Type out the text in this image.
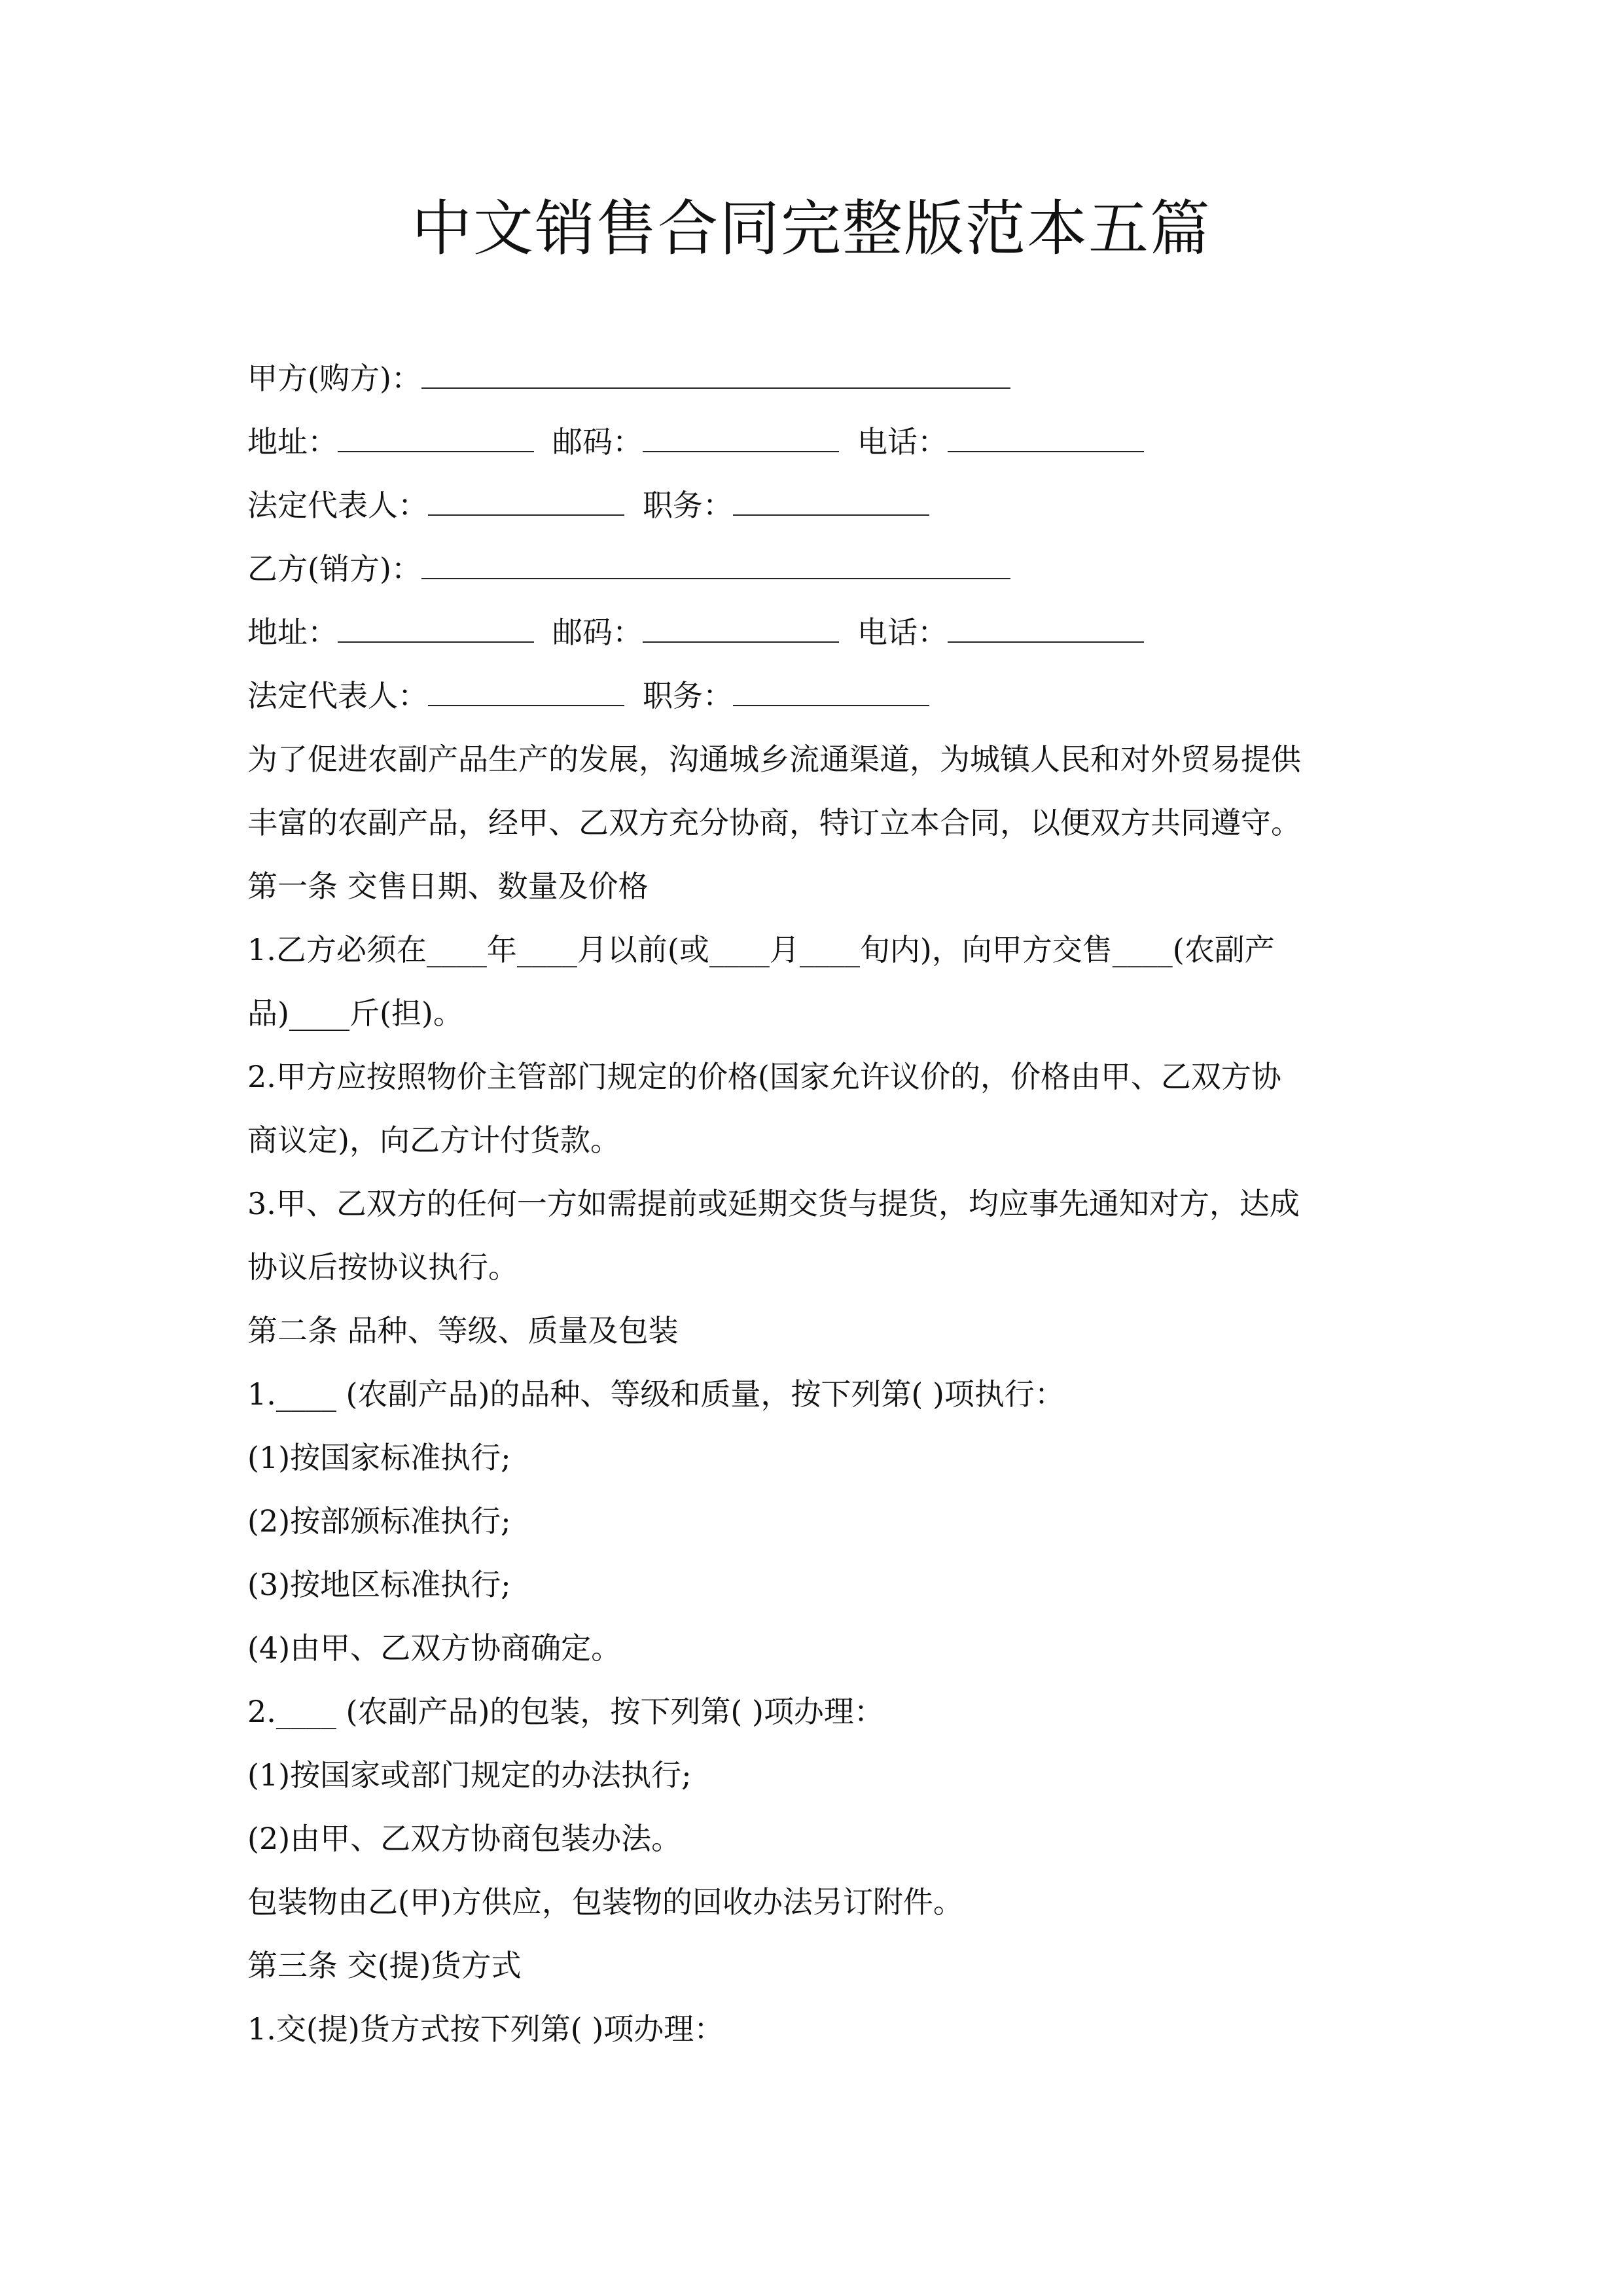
中文销售合同完整版范本五篇
甲方(购方)：
地址：	邮码：	电话：
法定代表人：	职务：
乙方(销方)：
地址：	邮码：	电话：
法定代表人：	职务：
为了促进农副产品生产的发展，沟通城乡流通渠道，为城镇人民和对外贸易提供
丰富的农副产品，经甲、乙双方充分协商，特订立本合同，以便双方共同遵守。
第一条 交售日期、数量及价格
1.乙方必须在____年____月以前(或____月____旬内)，向甲方交售____(农副产
品)____斤(担)。
2.甲方应按照物价主管部门规定的价格(国家允许议价的，价格由甲、乙双方协
商议定)，向乙方计付货款。
3.甲、乙双方的任何一方如需提前或延期交货与提货，均应事先通知对方，达成
协议后按协议执行。
第二条 品种、等级、质量及包装
1.____ (农副产品)的品种、等级和质量，按下列第( )项执行：
(1)按国家标准执行;
(2)按部颁标准执行;
(3)按地区标准执行;
(4)由甲、乙双方协商确定。
2.____ (农副产品)的包装，按下列第( )项办理：
(1)按国家或部门规定的办法执行;
(2)由甲、乙双方协商包装办法。
包装物由乙(甲)方供应，包装物的回收办法另订附件。
第三条 交(提)货方式
1.交(提)货方式按下列第( )项办理：
